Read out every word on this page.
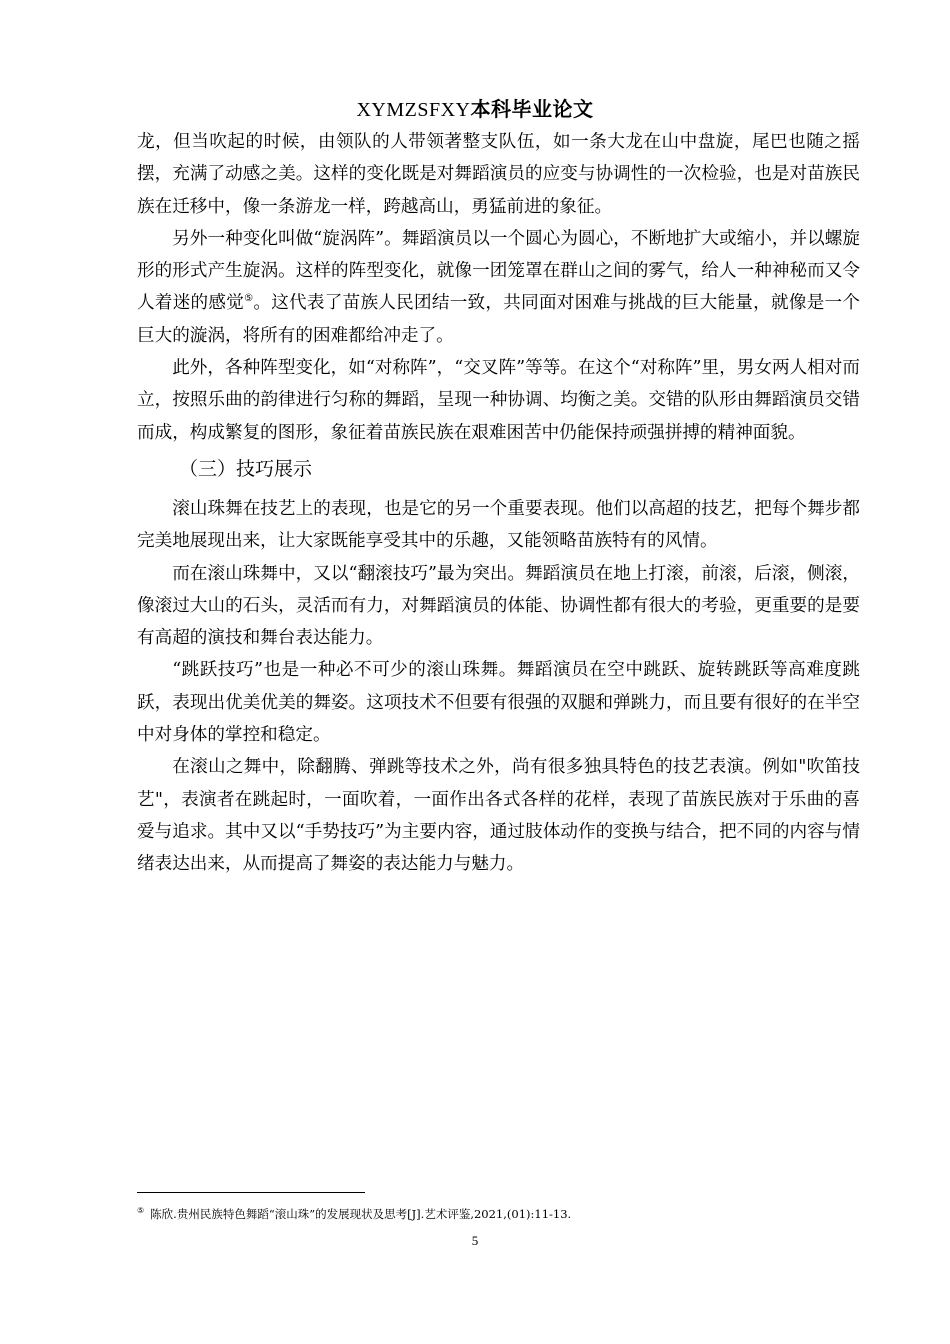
XYMZSFXY本科毕业论文

龙，但当吹起的时候，由领队的人带领著整支队伍，如一条大龙在山中盘旋，尾巴也随之摇摆，充满了动感之美。这样的变化既是对舞蹈演员的应变与协调性的一次检验，也是对苗族民族在迁移中，像一条游龙一样，跨越高山，勇猛前进的象征。

另外一种变化叫做“旋涡阵”。舞蹈演员以一个圆心为圆心，不断地扩大或缩小，并以螺旋形的形式产生旋涡。这样的阵型变化，就像一团笼罩在群山之间的雾气，给人一种神秘而又令人着迷的感觉⑤。这代表了苗族人民团结一致，共同面对困难与挑战的巨大能量，就像是一个巨大的漩涡，将所有的困难都给冲走了。

此外，各种阵型变化，如“对称阵”，“交叉阵”等等。在这个“对称阵”里，男女两人相对而立，按照乐曲的韵律进行匀称的舞蹈，呈现一种协调、均衡之美。交错的队形由舞蹈演员交错而成，构成繁复的图形，象征着苗族民族在艰难困苦中仍能保持顽强拼搏的精神面貌。

（三）技巧展示

滚山珠舞在技艺上的表现，也是它的另一个重要表现。他们以高超的技艺，把每个舞步都完美地展现出来，让大家既能享受其中的乐趣，又能领略苗族特有的风情。

而在滚山珠舞中，又以“翻滚技巧”最为突出。舞蹈演员在地上打滚，前滚，后滚，侧滚，像滚过大山的石头，灵活而有力，对舞蹈演员的体能、协调性都有很大的考验，更重要的是要有高超的演技和舞台表达能力。

“跳跃技巧”也是一种必不可少的滚山珠舞。舞蹈演员在空中跳跃、旋转跳跃等高难度跳跃，表现出优美优美的舞姿。这项技术不但要有很强的双腿和弹跳力，而且要有很好的在半空中对身体的掌控和稳定。

在滚山之舞中，除翻腾、弹跳等技术之外，尚有很多独具特色的技艺表演。例如"吹笛技艺"，表演者在跳起时，一面吹着，一面作出各式各样的花样，表现了苗族民族对于乐曲的喜爱与追求。其中又以“手势技巧”为主要内容，通过肢体动作的变换与结合，把不同的内容与情绪表达出来，从而提高了舞姿的表达能力与魅力。

⑤ 陈欣.贵州民族特色舞蹈“滚山珠”的发展现状及思考[J].艺术评鉴,2021,(01):11-13.
5
